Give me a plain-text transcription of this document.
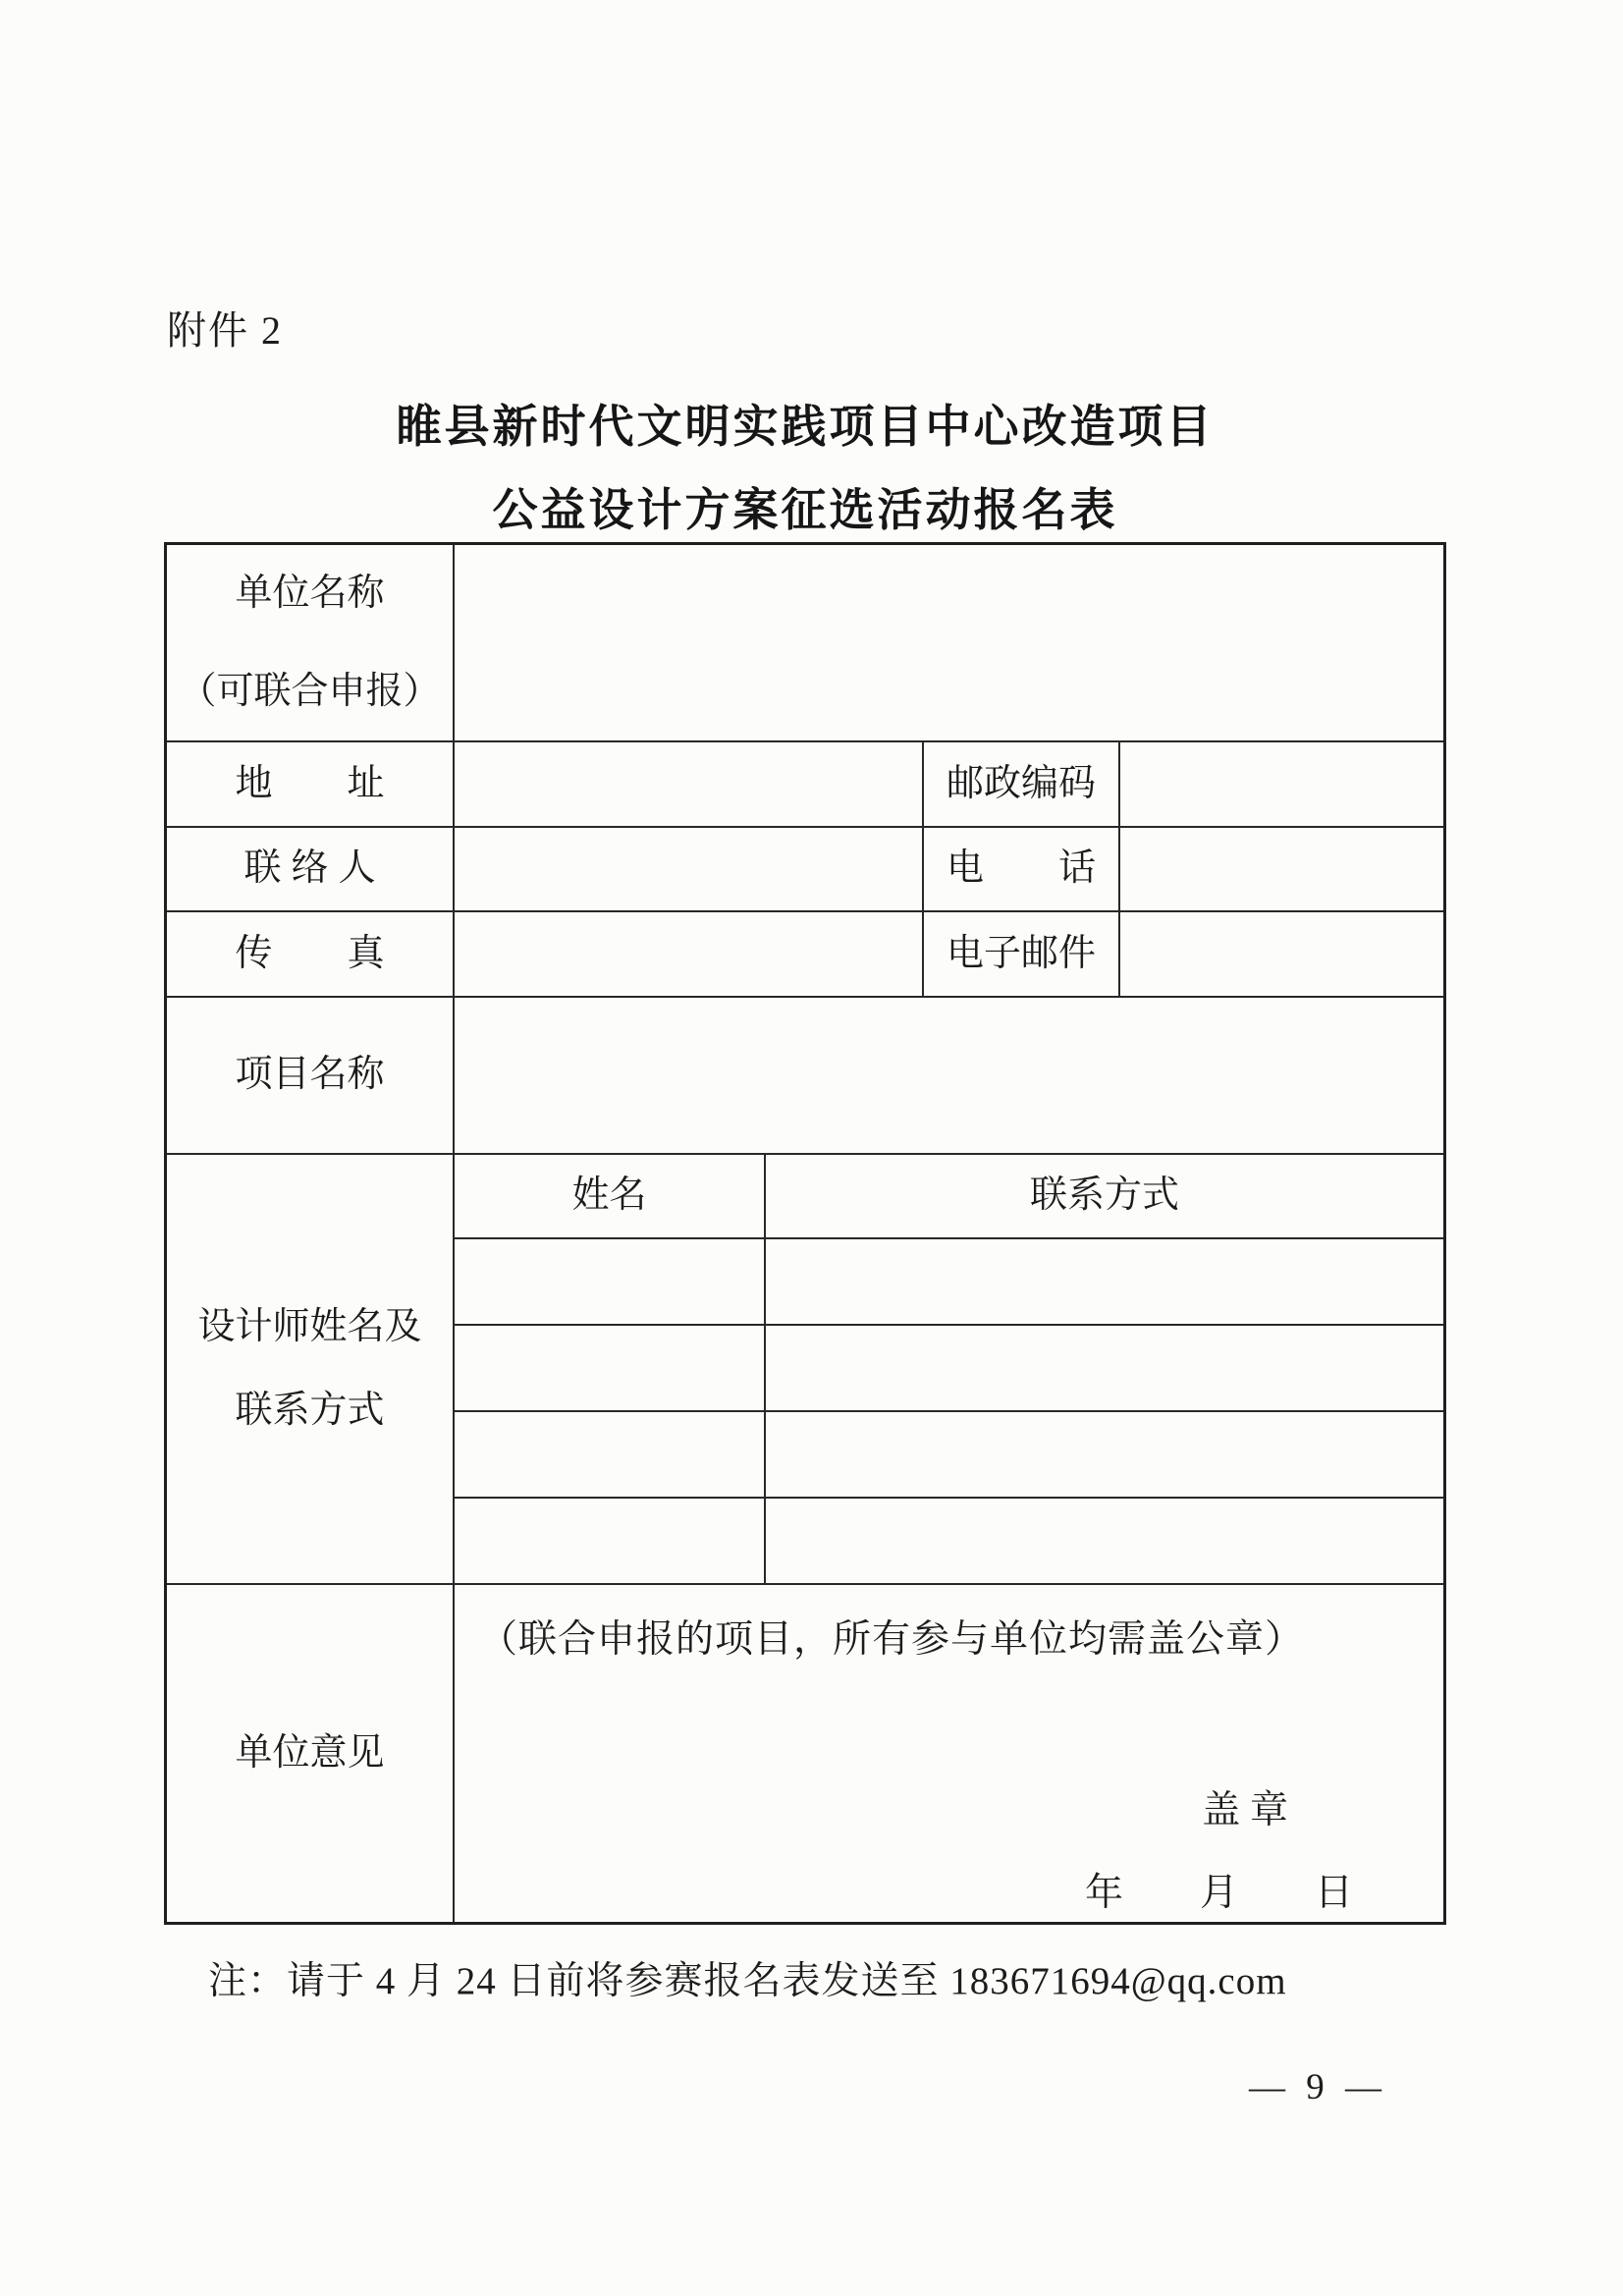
附件 2
睢县新时代文明实践项目中心改造项目
公益设计方案征选活动报名表
单位名称
（可联合申报）
地　　址	邮政编码
联络人	电　　话
传　　真	电子邮件
项目名称
设计师姓名及
联系方式
姓名	联系方式
单位意见
（联合申报的项目，所有参与单位均需盖公章）
盖 章
年　　月　　日
注：请于 4 月 24 日前将参赛报名表发送至 183671694@qq.com
— 9 —
